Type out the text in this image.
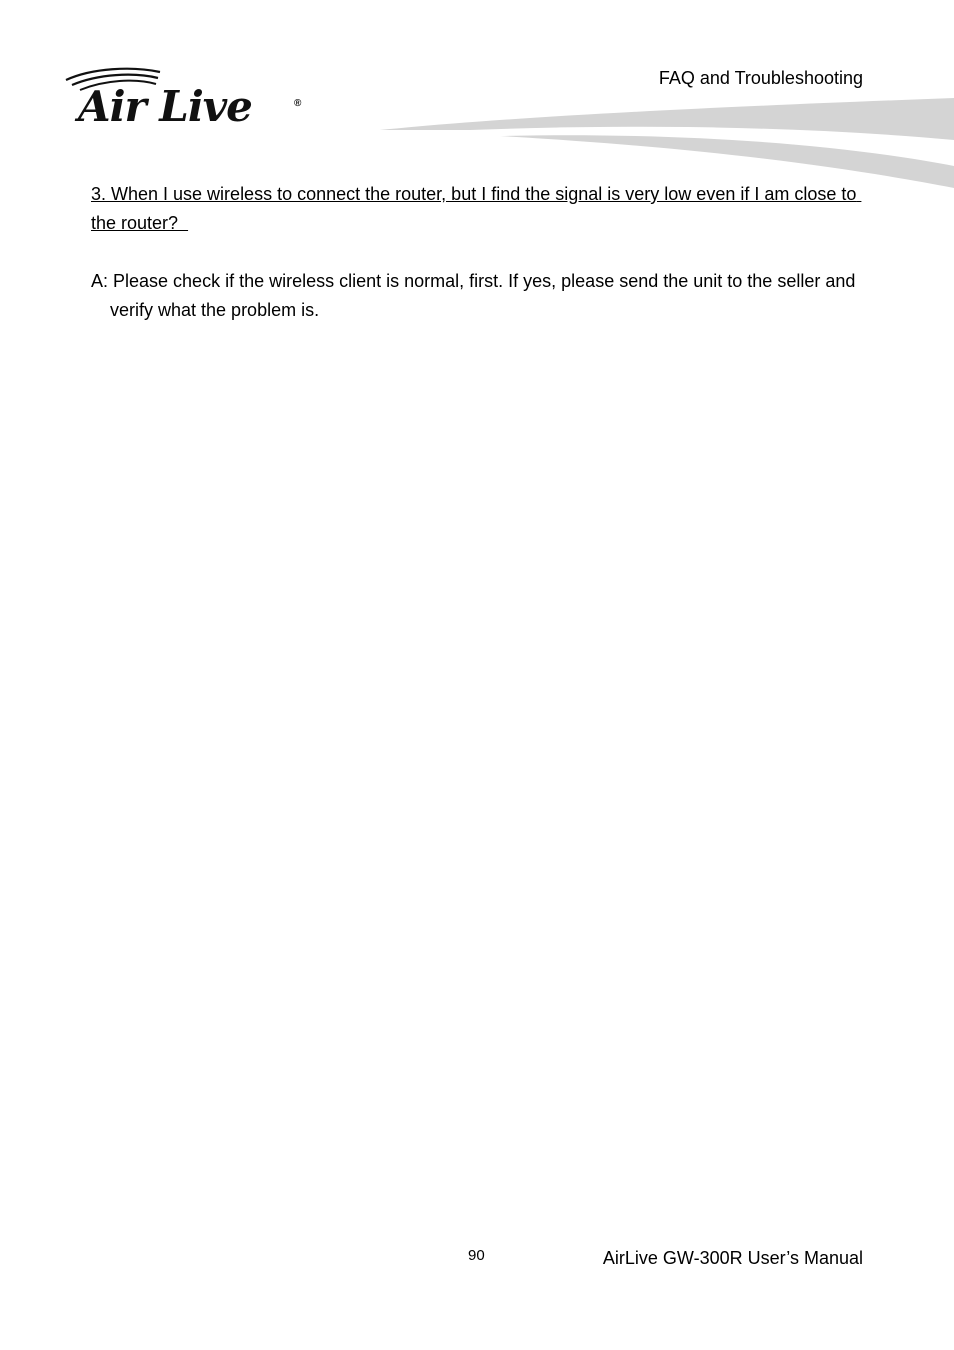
Air Live	®
FAQ and Troubleshooting

3. When I use wireless to connect the router, but I find the signal is very low even if I am close to the router?

A: Please check if the wireless client is normal, first. If yes, please send the unit to the seller and verify what the problem is.

90	AirLive GW-300R User’s Manual
